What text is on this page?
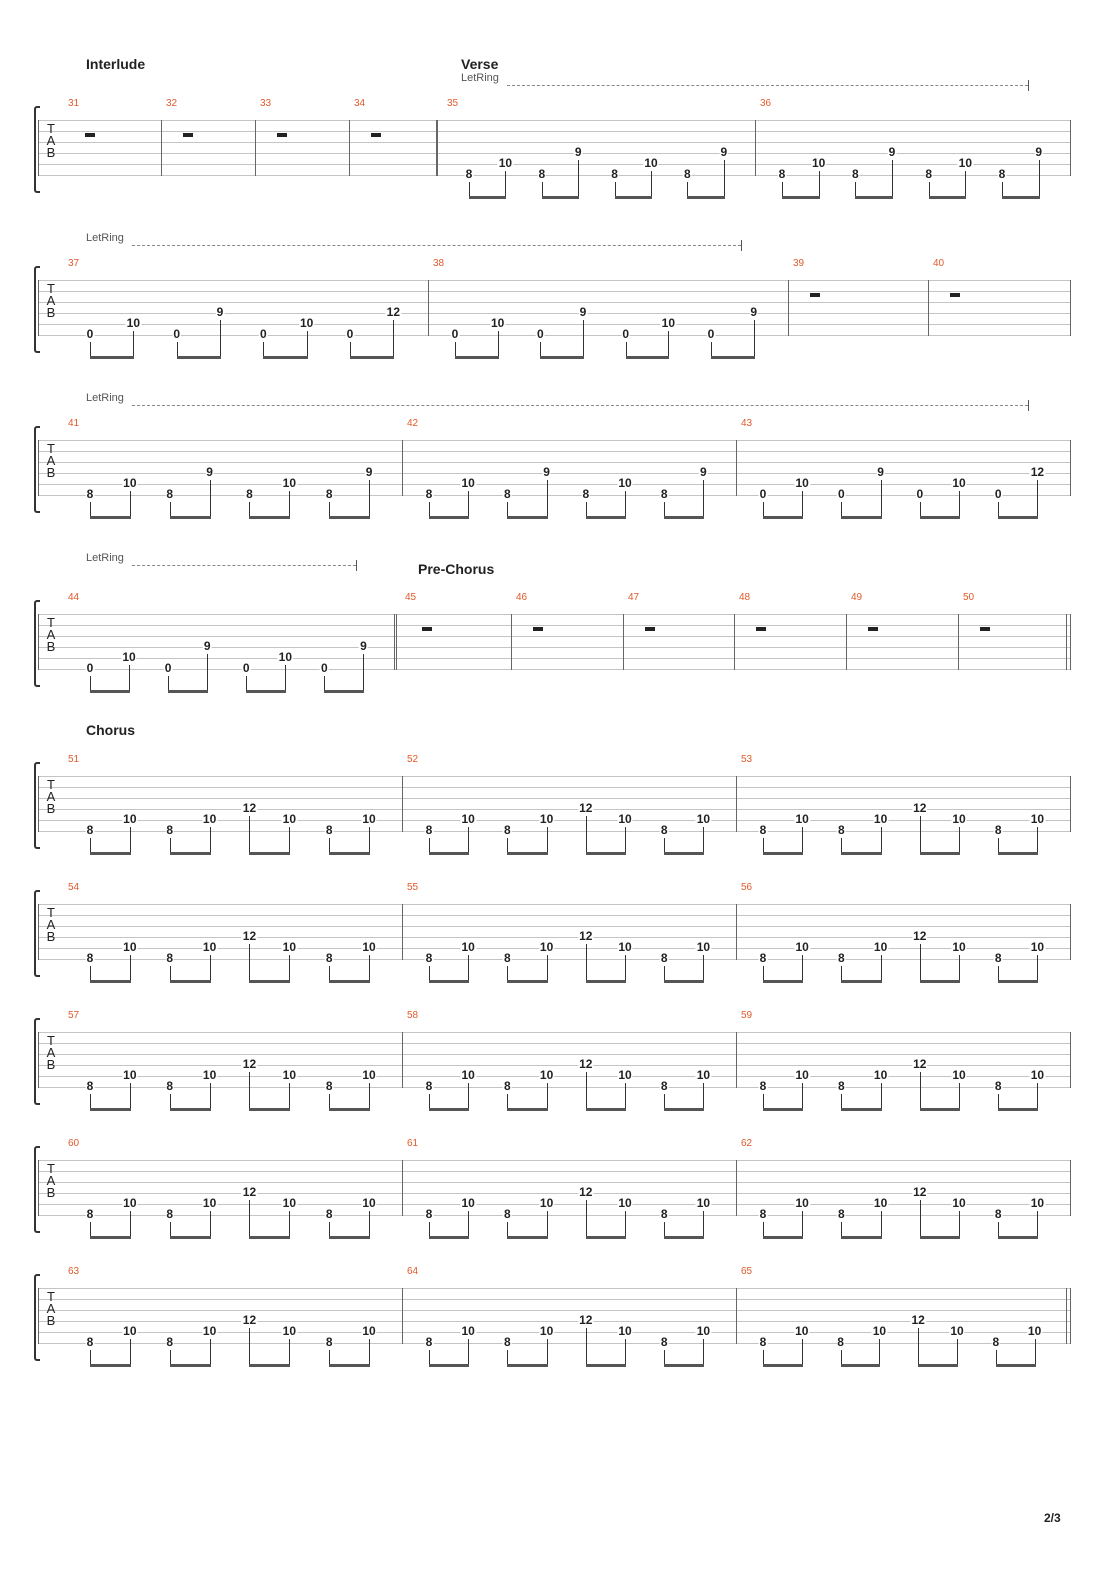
Interlude	Verse
LetRing
T
A
B
31	32	33	34	35
8
10
8
9
8
10
8
9
36
8
10
8
9
8
10
8
9
LetRing
T
A
B
37
0
10
0
9
0
10
0
12
38
0
10
0
9
0
10
0
9
39	40
LetRing
T
A
B
41
8
10
8
9
8
10
8
9
42
8
10
8
9
8
10
8
9
43
0
10
0
9
0
10
0
12
Pre-Chorus
Chorus
LetRing
T
A
B
44
0
10
0
9
0
10
0
9
45	46	47	48	49	50
T
A
B
51
8
10
8
10
12
10
8
10
52
8
10
8
10
12
10
8
10
53
8
10
8
10
12
10
8
10
T
A
B
54
8
10
8
10
12
10
8
10
55
8
10
8
10
12
10
8
10
56
8
10
8
10
12
10
8
10
T
A
B
57
8
10
8
10
12
10
8
10
58
8
10
8
10
12
10
8
10
59
8
10
8
10
12
10
8
10
T
A
B
60
8
10
8
10
12
10
8
10
61
8
10
8
10
12
10
8
10
62
8
10
8
10
12
10
8
10
T
A
B
63
8
10
8
10
12
10
8
10
64
8
10
8
10
12
10
8
10
65
8
10
8
10
12
10
8
10
2/3
